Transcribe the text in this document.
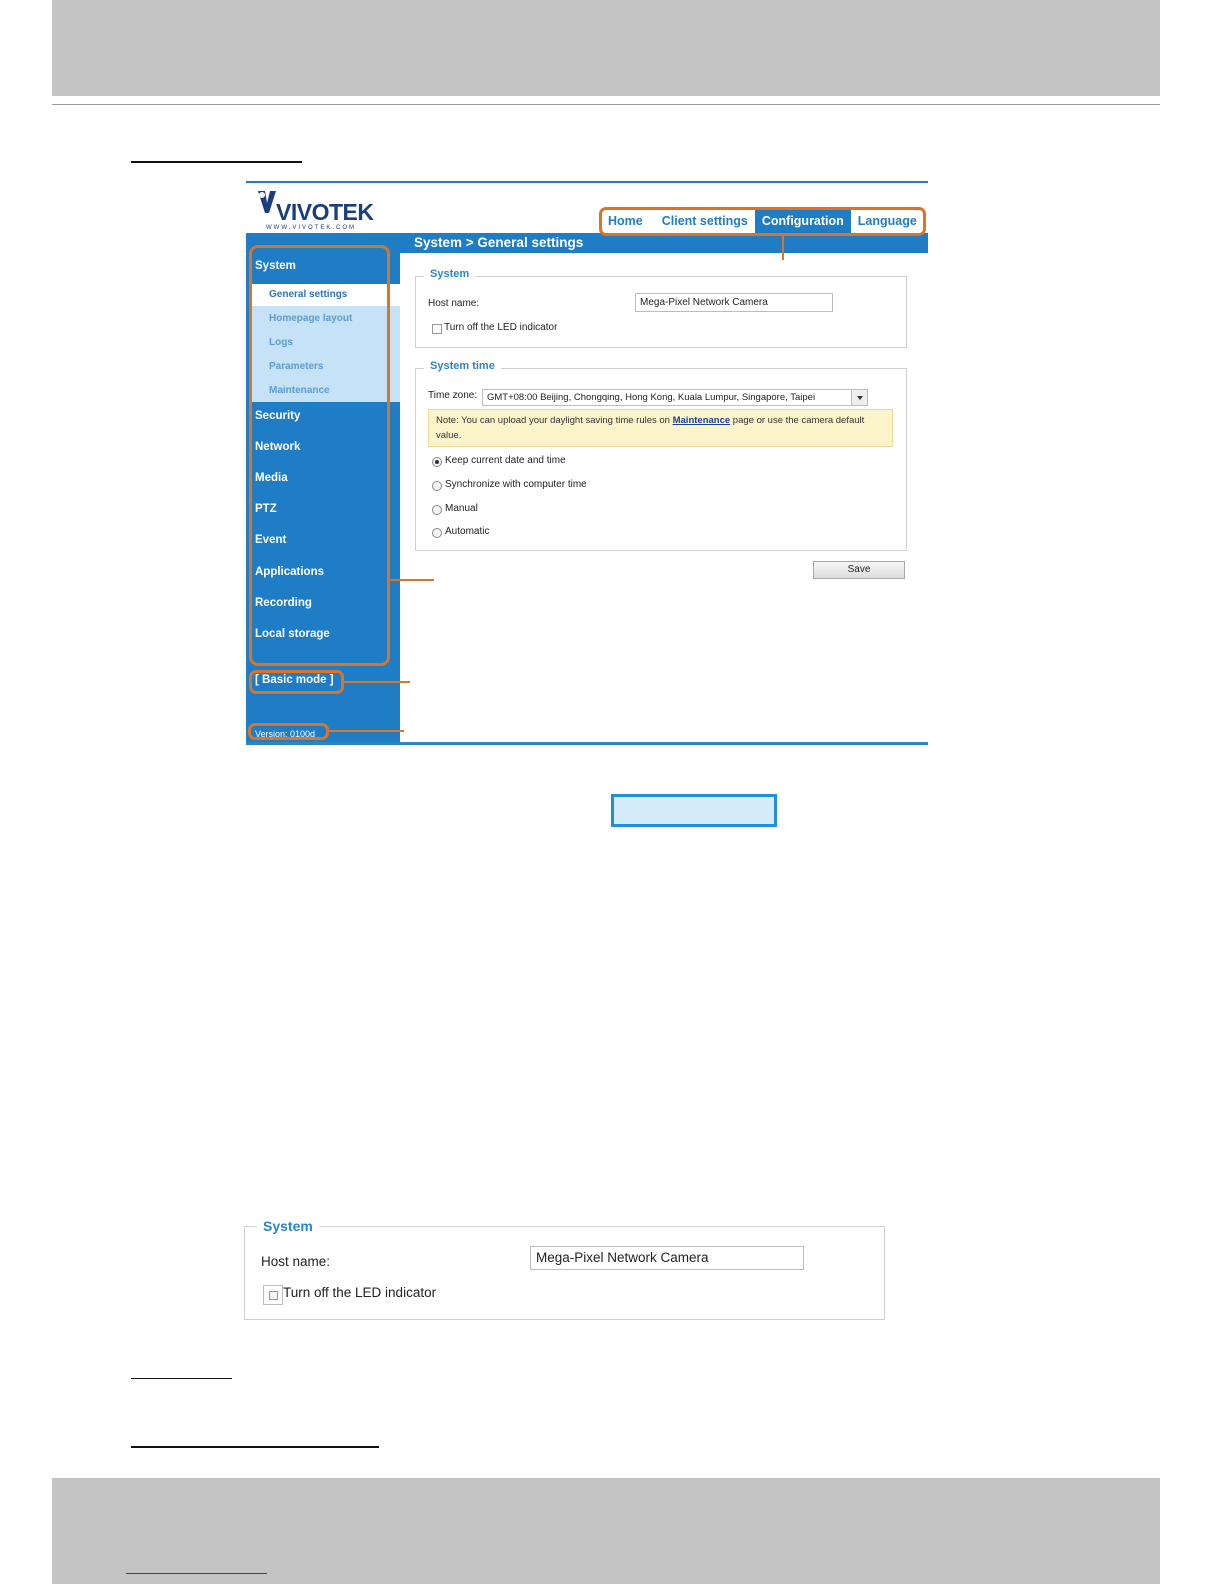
VIVOTEK
WWW.VIVOTEK.COM	Home	Client settings	Configuration	Language
System > General settings
System
General settings
Homepage layout
Logs
Parameters
Maintenance
Security
Network
Media
PTZ
Event
Applications
Recording
Local storage
[ Basic mode ]
Version: 0100d
System
Host name:	Mega-Pixel Network Camera
Turn off the LED indicator
System time
Time zone: GMT+08:00 Beijing, Chongqing, Hong Kong, Kuala Lumpur, Singapore, Taipei
Note: You can upload your daylight saving time rules on Maintenance page or use the camera default value.
Keep current date and time
Synchronize with computer time
Manual
Automatic
Save
System
Host name:	Mega-Pixel Network Camera
Turn off the LED indicator
